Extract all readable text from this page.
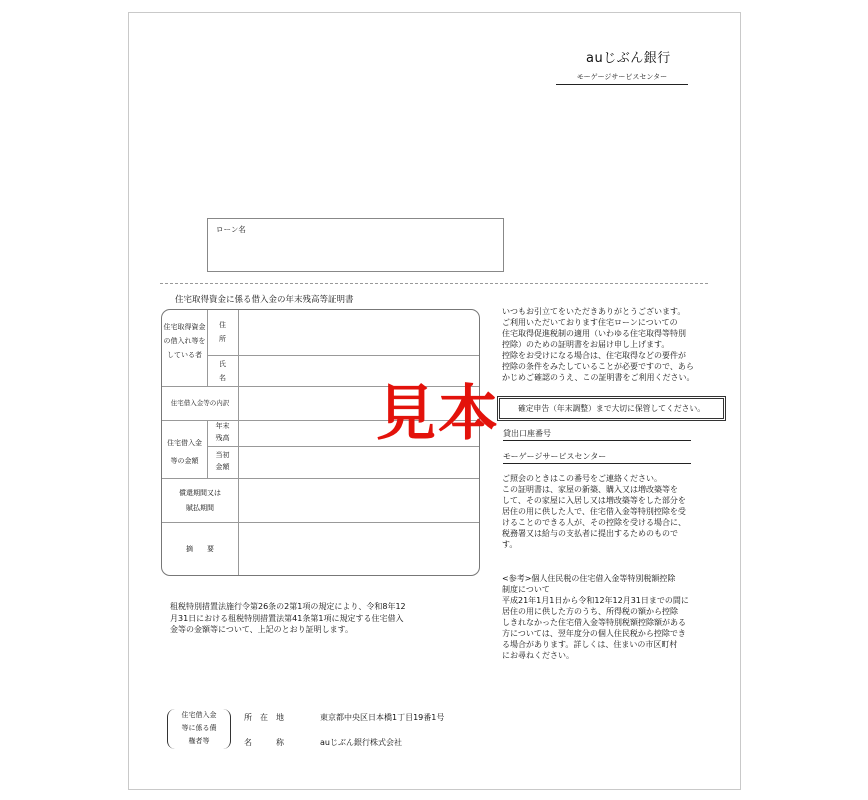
auじぶん銀行
モーゲージサービスセンター
ローン名
住宅取得資金に係る借入金の年末残高等証明書
住宅取得資金
の借入れ等を
している者
住
所
氏
名
住宅借入金等の内訳
住宅借入金
等の金額
年末
残高
当初
金額
償還期間又は
賦払期間
摘　　要
見本
いつもお引立てをいただきありがとうございます。
ご利用いただいております住宅ローンについての
住宅取得促進税制の適用（いわゆる住宅取得等特別
控除）のための証明書をお届け申し上げます。
控除をお受けになる場合は、住宅取得などの要件が
控除の条件をみたしていることが必要ですので、あら
かじめご確認のうえ、この証明書をご利用ください。
確定申告（年末調整）まで大切に保管してください。
貸出口座番号
モーゲージサービスセンター
ご照会のときはこの番号をご連絡ください。
この証明書は、家屋の新築、購入又は増改築等を
して、その家屋に入居し又は増改築等をした部分を
居住の用に供した人で、住宅借入金等特別控除を受
けることのできる人が、その控除を受ける場合に、
税務署又は給与の支払者に提出するためのもので
す。
<参考>個人住民税の住宅借入金等特別税額控除
制度について
平成21年1月1日から令和12年12月31日までの間に
居住の用に供した方のうち、所得税の額から控除
しきれなかった住宅借入金等特別税額控除額がある
方については、翌年度分の個人住民税から控除でき
る場合があります。詳しくは、住まいの市区町村
にお尋ねください。
租税特別措置法施行令第26条の2第1項の規定により、令和8年12
月31日における租税特別措置法第41条第1項に規定する住宅借入
金等の金額等について、上記のとおり証明します。
住宅借入金
等に係る債
権者等
所　在　地	東京都中央区日本橋1丁目19番1号
名　　　称	auじぶん銀行株式会社
